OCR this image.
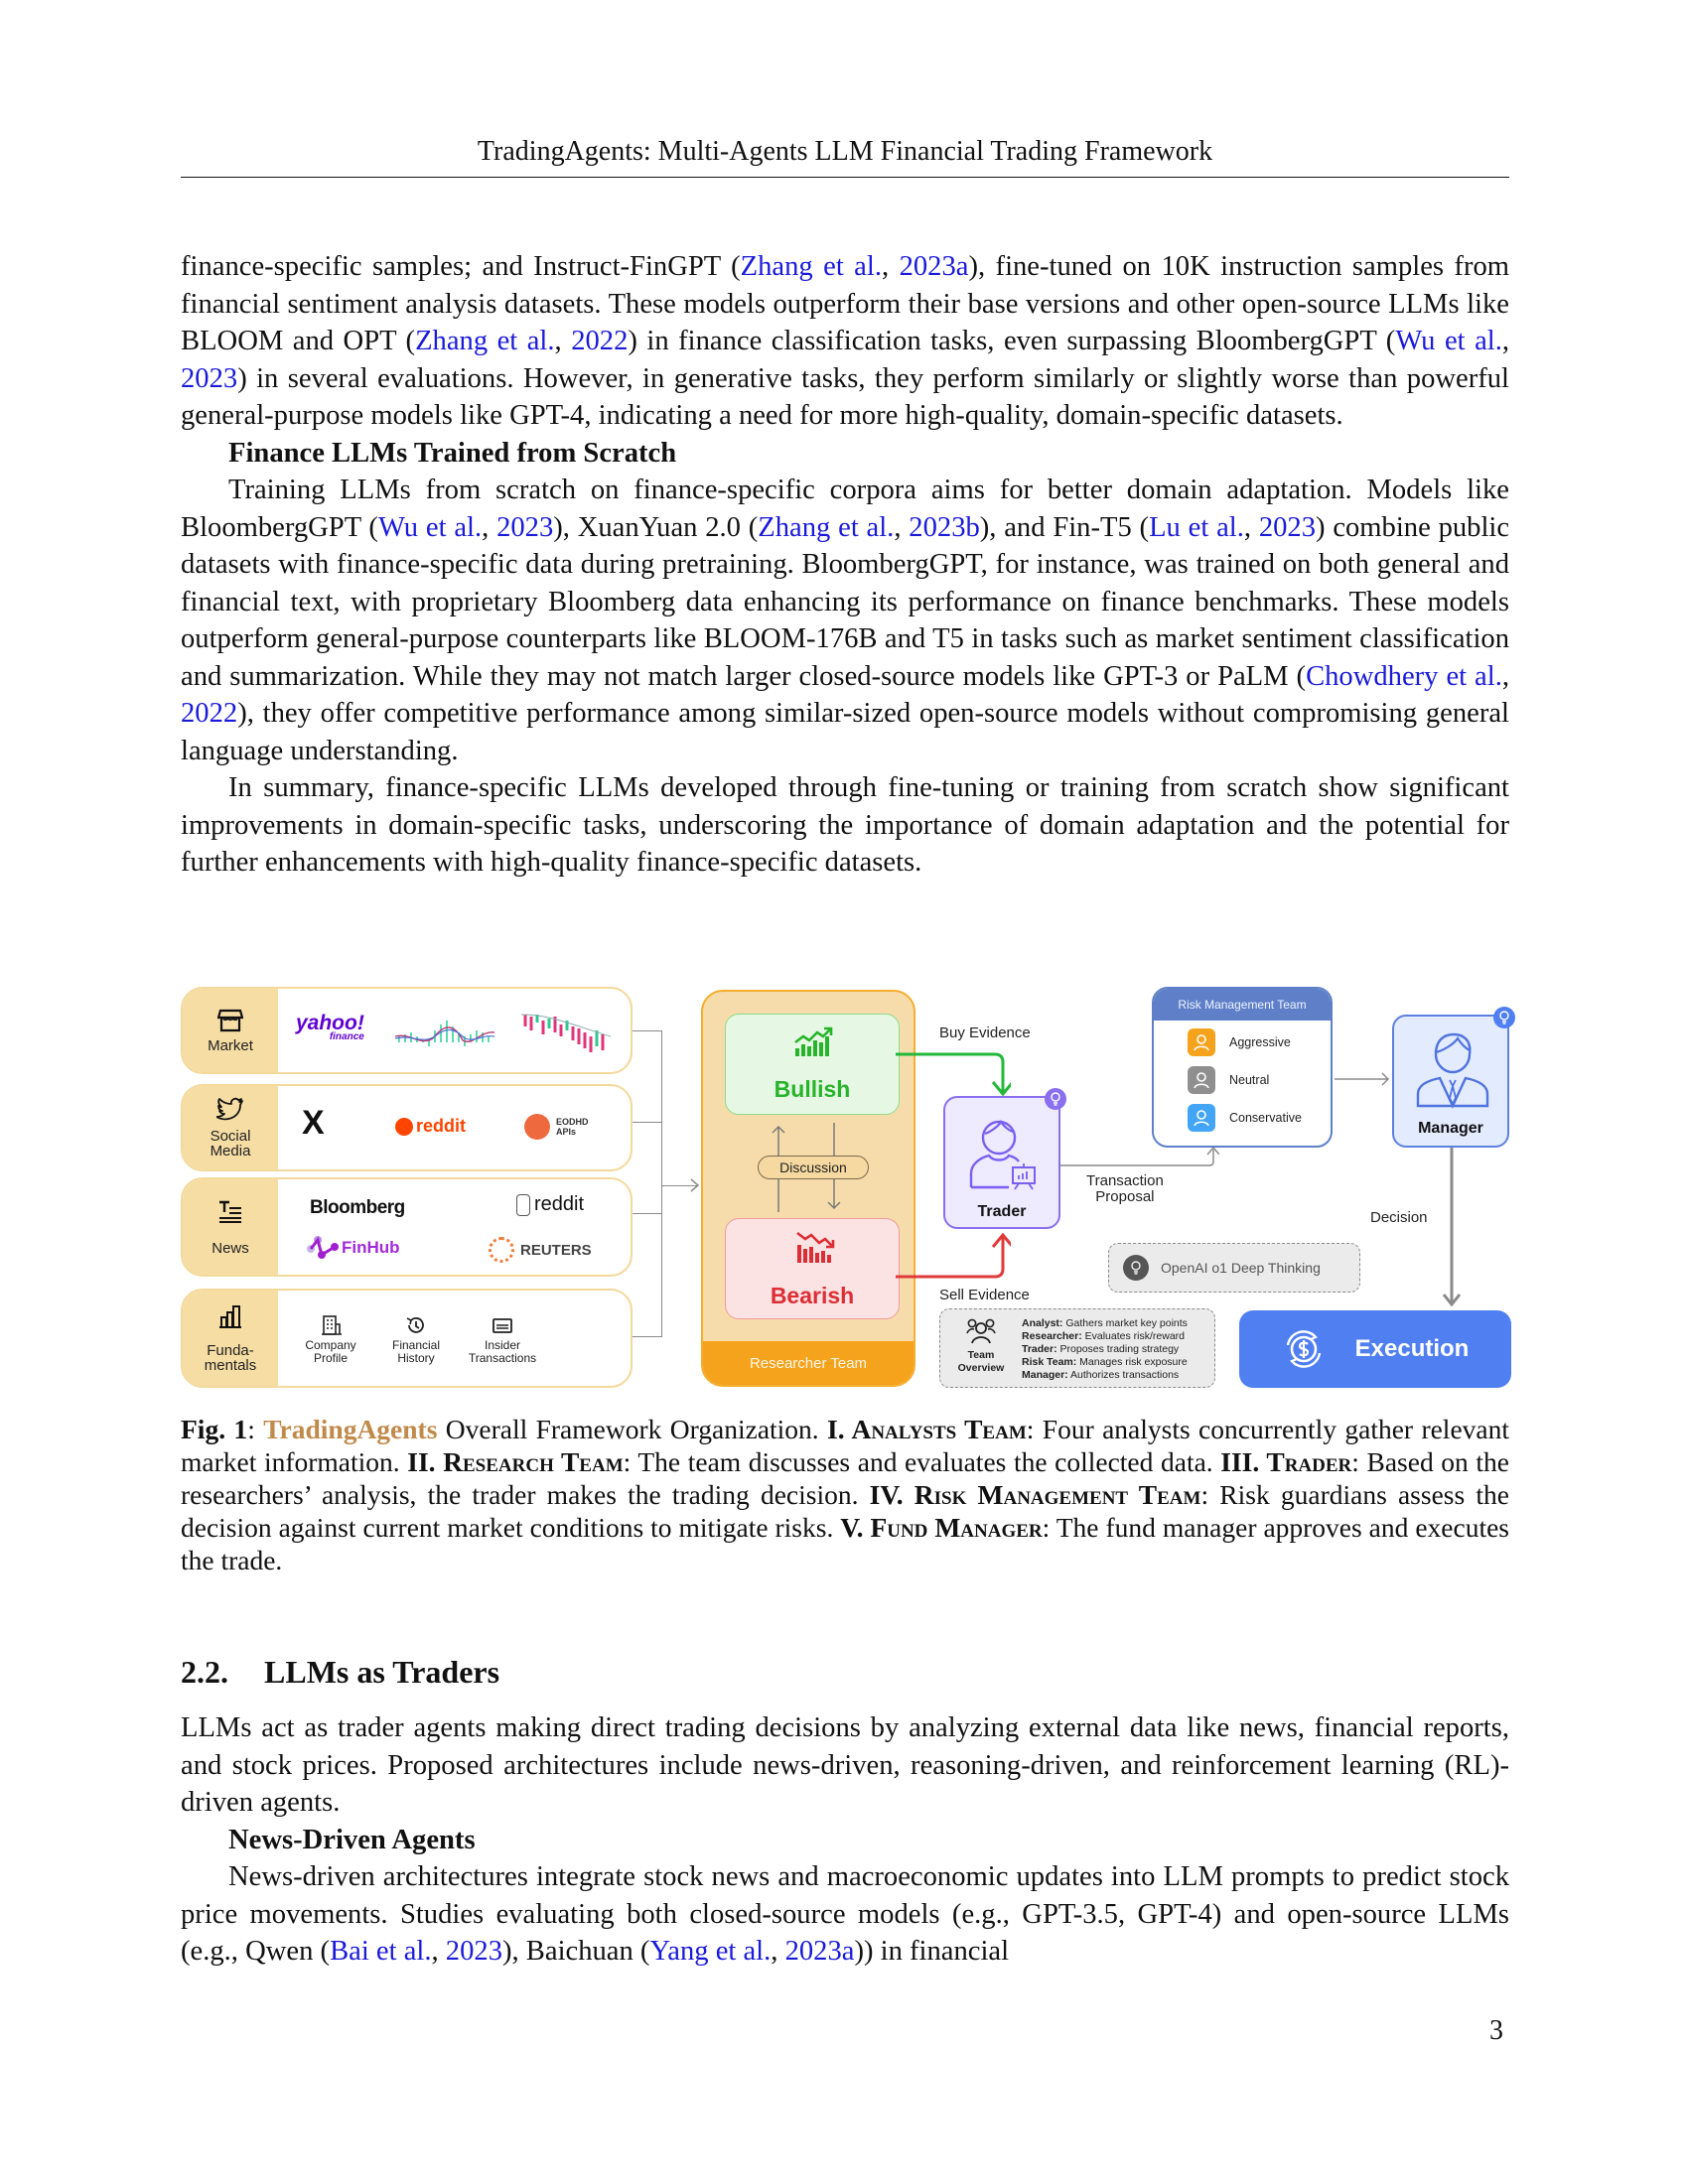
TradingAgents: Multi-Agents LLM Financial Trading Framework

finance-specific samples; and Instruct-FinGPT (Zhang et al., 2023a), fine-tuned on 10K instruction samples from financial sentiment analysis datasets. These models outperform their base versions and other open-source LLMs like BLOOM and OPT (Zhang et al., 2022) in finance classification tasks, even surpassing BloombergGPT (Wu et al., 2023) in several evaluations. However, in generative tasks, they perform similarly or slightly worse than powerful general-purpose models like GPT-4, indicating a need for more high-quality, domain-specific datasets.

Finance LLMs Trained from Scratch

Training LLMs from scratch on finance-specific corpora aims for better domain adaptation. Models like BloombergGPT (Wu et al., 2023), XuanYuan 2.0 (Zhang et al., 2023b), and Fin-T5 (Lu et al., 2023) combine public datasets with finance-specific data during pretraining. BloombergGPT, for instance, was trained on both general and financial text, with proprietary Bloomberg data enhancing its performance on finance benchmarks. These models outperform general-purpose counterparts like BLOOM-176B and T5 in tasks such as market sentiment classification and summarization. While they may not match larger closed-source models like GPT-3 or PaLM (Chowdhery et al., 2022), they offer competitive performance among similar-sized open-source models without compromising general language understanding.

In summary, finance-specific LLMs developed through fine-tuning or training from scratch show significant improvements in domain-specific tasks, underscoring the importance of domain adaptation and the potential for further enhancements with high-quality finance-specific datasets.

Market
yahoo!
finance
Social
Media
X	reddit	EODHD
APIs
News
Bloomberg	reddit
FinHub	REUTERS
Funda-
mentals
Company
Profile
Financial
History
Insider
Transactions
Bullish
Discussion
Bearish
Researcher Team
Buy Evidence
Sell Evidence
Trader
Transaction
Proposal
Risk Management Team
Aggressive
Neutral
Conservative
Manager
Decision
OpenAI o1 Deep Thinking
Team
Overview
Analyst: Gathers market key points
Researcher: Evaluates risk/reward
Trader: Proposes trading strategy
Risk Team: Manages risk exposure
Manager: Authorizes transactions
Execution
Fig. 1: TradingAgents Overall Framework Organization. I. Analysts Team: Four analysts concurrently gather relevant market information. II. Research Team: The team discusses and evaluates the collected data. III. Trader: Based on the researchers’ analysis, the trader makes the trading decision. IV. Risk Management Team: Risk guardians assess the decision against current market conditions to mitigate risks. V. Fund Manager: The fund manager approves and executes the trade.
2.2. LLMs as Traders

LLMs act as trader agents making direct trading decisions by analyzing external data like news, financial reports, and stock prices. Proposed architectures include news-driven, reasoning-driven, and reinforcement learning (RL)-driven agents.

News-Driven Agents

News-driven architectures integrate stock news and macroeconomic updates into LLM prompts to predict stock price movements. Studies evaluating both closed-source models (e.g., GPT-3.5, GPT-4) and open-source LLMs (e.g., Qwen (Bai et al., 2023), Baichuan (Yang et al., 2023a)) in financial

3
